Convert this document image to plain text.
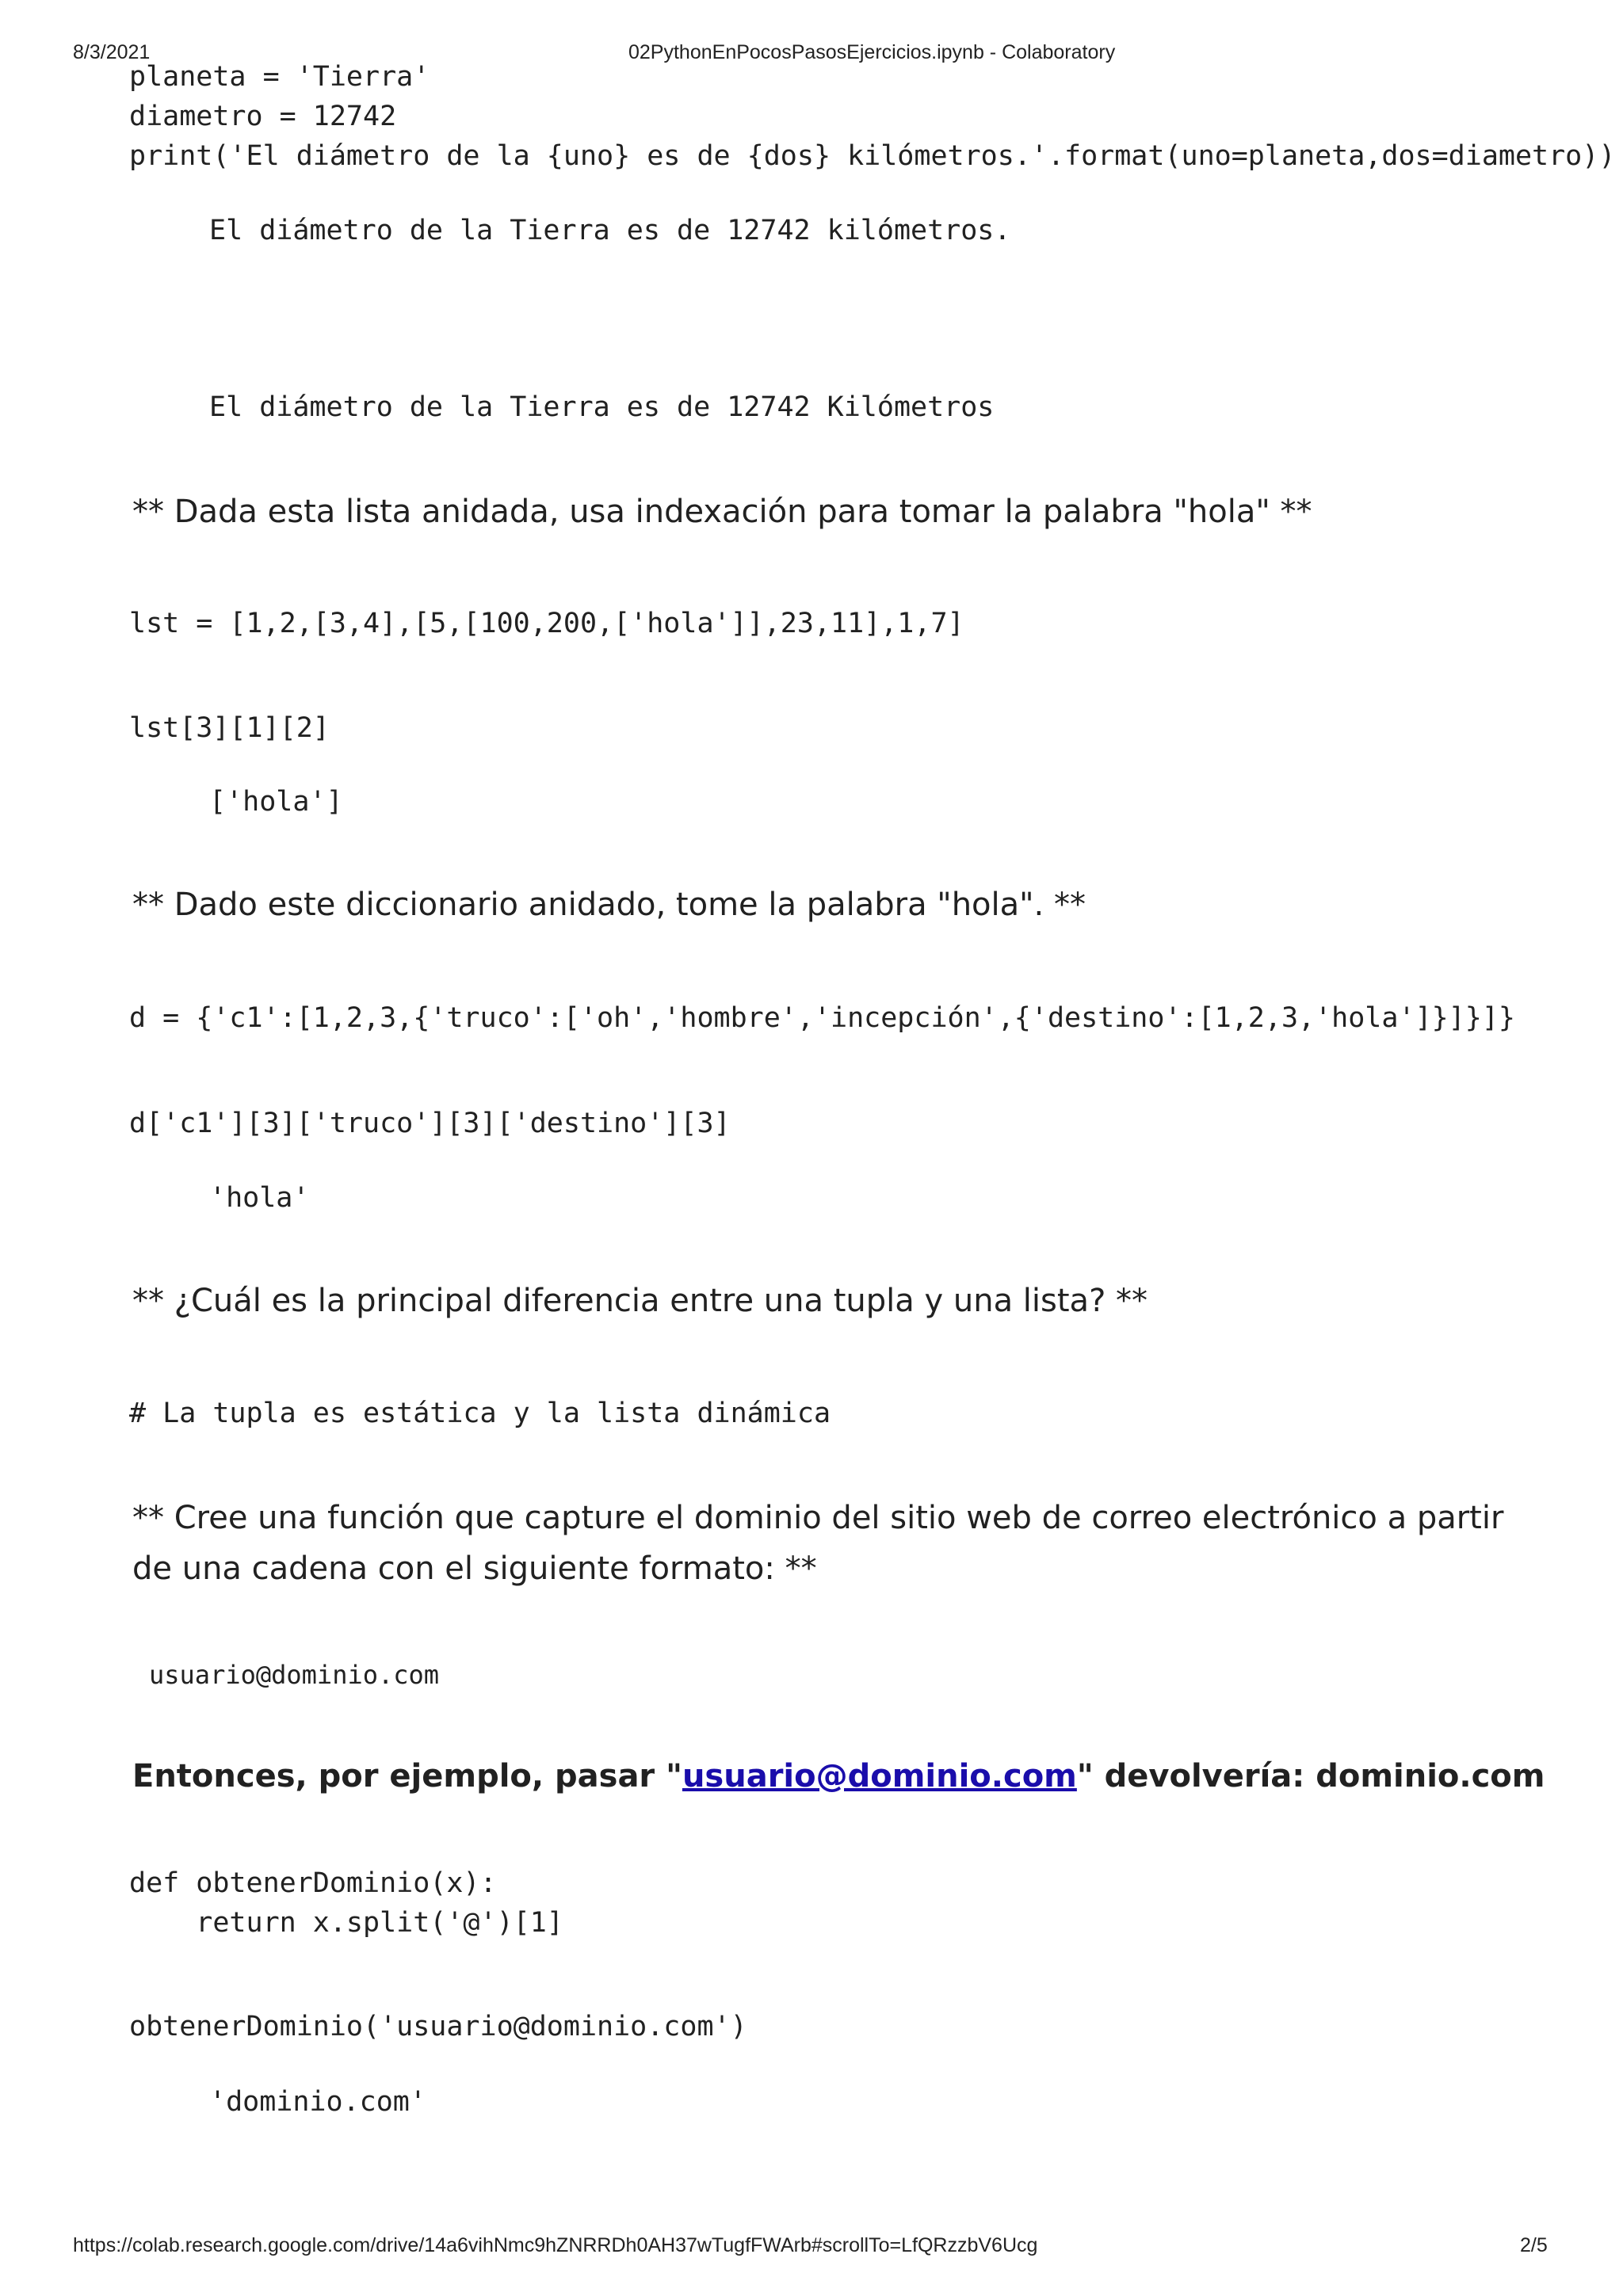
8/3/2021	02PythonEnPocosPasosEjercicios.ipynb - Colaboratory
planeta = 'Tierra'
diametro = 12742
print('El diámetro de la {uno} es de {dos} kilómetros.'.format(uno=planeta,dos=diametro))
El diámetro de la Tierra es de 12742 kilómetros.
El diámetro de la Tierra es de 12742 Kilómetros
** Dada esta lista anidada, usa indexación para tomar la palabra "hola" **
lst = [1,2,[3,4],[5,[100,200,['hola']],23,11],1,7]
lst[3][1][2]
['hola']
** Dado este diccionario anidado, tome la palabra "hola". **
d = {'c1':[1,2,3,{'truco':['oh','hombre','incepción',{'destino':[1,2,3,'hola']}]}]}
d['c1'][3]['truco'][3]['destino'][3]
'hola'
** ¿Cuál es la principal diferencia entre una tupla y una lista? **
# La tupla es estática y la lista dinámica
** Cree una función que capture el dominio del sitio web de correo electrónico a partir de una cadena con el siguiente formato: **
usuario@dominio.com
Entonces, por ejemplo, pasar "usuario@dominio.com" devolvería: dominio.com
def obtenerDominio(x):
return x.split('@')[1]
obtenerDominio('usuario@dominio.com')
'dominio.com'
https://colab.research.google.com/drive/14a6vihNmc9hZNRRDh0AH37wTugfFWArb#scrollTo=LfQRzzbV6Ucg	2/5
